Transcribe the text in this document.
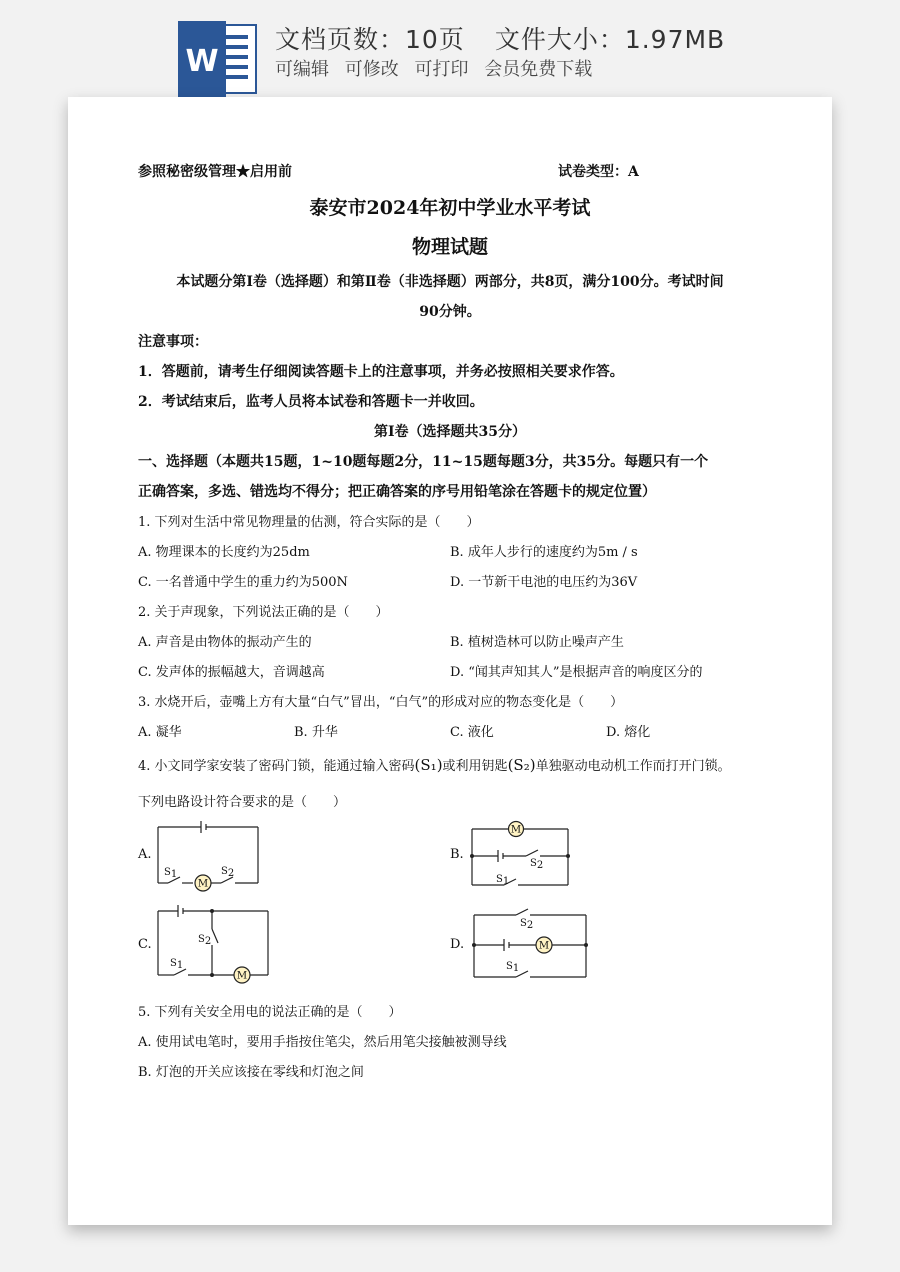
W
文档页数：10页 文件大小：1.97MB
可编辑 可修改 可打印 会员免费下载
参照秘密级管理★启用前	试卷类型：A
泰安市2024年初中学业水平考试
物理试题
本试题分第Ⅰ卷（选择题）和第Ⅱ卷（非选择题）两部分，共8页，满分100分。考试时间
90分钟。
注意事项：
1．答题前，请考生仔细阅读答题卡上的注意事项，并务必按照相关要求作答。
2．考试结束后，监考人员将本试卷和答题卡一并收回。
第Ⅰ卷（选择题共35分）
一、选择题（本题共15题，1~10题每题2分，11~15题每题3分，共35分。每题只有一个
正确答案，多选、错选均不得分；把正确答案的序号用铅笔涂在答题卡的规定位置）
1. 下列对生活中常见物理量的估测，符合实际的是（　　）
A. 物理课本的长度约为25dm	B. 成年人步行的速度约为5m / s
C. 一名普通中学生的重力约为500N	D. 一节新干电池的电压约为36V
2. 关于声现象，下列说法正确的是（　　）
A. 声音是由物体的振动产生的	B. 植树造林可以防止噪声产生
C. 发声体的振幅越大，音调越高	D. “闻其声知其人”是根据声音的响度区分的
3. 水烧开后，壶嘴上方有大量“白气”冒出，“白气”的形成对应的物态变化是（　　）
A. 凝华	B. 升华	C. 液化	D. 熔化
4. 小文同学家安装了密码门锁，能通过输入密码(S₁)或利用钥匙(S₂)单独驱动电动机工作而打开门锁。
下列电路设计符合要求的是（　　）
A.
M
S1	S2
B.
M
S2
S1
C.
M
S2
S1
D.	M
S2
S1
5. 下列有关安全用电的说法正确的是（　　）
A. 使用试电笔时，要用手指按住笔尖，然后用笔尖接触被测导线
B. 灯泡的开关应该接在零线和灯泡之间
